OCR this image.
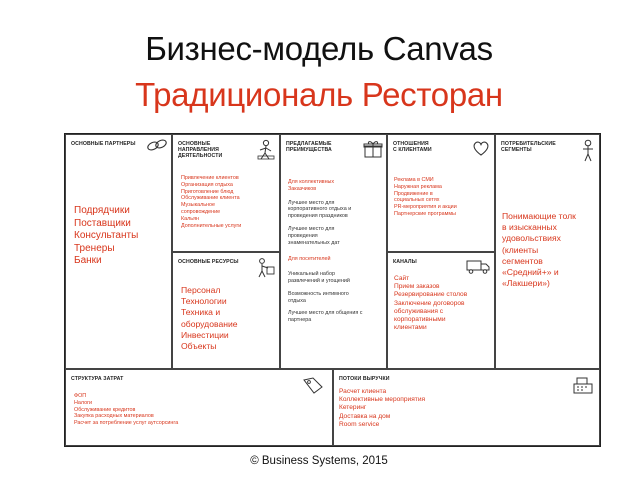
Бизнес-модель Canvas
Традициональ Ресторан
ОСНОВНЫЕ ПАРТНЕРЫ
Подрядчики
Поставщики
Консультанты
Тренеры
Банки
ОСНОВНЫЕ
НАПРАВЛЕНИЯ
ДЕЯТЕЛЬНОСТИ
Привлечение клиентов
Организация отдыха
Приготовление блюд
Обслуживание клиента
Музыкальное
сопровождение
Кальян
Дополнительные услуги
ОСНОВНЫЕ РЕСУРСЫ
Персонал
Технологии
Техника и
оборудование
Инвестиции
Объекты
ПРЕДЛАГАЕМЫЕ
ПРЕИМУЩЕСТВА
Для коллективных
Заказчиков
Лучшее место для
корпоративного отдыха и
проведения праздников
Лучшее место для
проведения
знаменательных дат
Для посетителей
Уникальный набор
развлечений и угощений
Возможность интимного
отдыха
Лучшее место для общения с
партнера
ОТНОШЕНИЯ
С КЛИЕНТАМИ
Реклама в СМИ
Наружная реклама
Продвижение в
социальных сетях
PR-мероприятия и акции
Партнерские программы
КАНАЛЫ
Сайт
Прием заказов
Резервирование столов
Заключение договоров
обслуживания с
корпоративными
клиентами
ПОТРЕБИТЕЛЬСКИЕ
СЕГМЕНТЫ
Понимающие толк
в изысканных
удовольствиях
(клиенты
сегментов
«Средний+» и
«Лакшери»)
СТРУКТУРА ЗАТРАТ
ФОП
Налоги
Обслуживание кредитов
Закупка расходных материалов
Расчет за потребление услуг аутсорсинга
ПОТОКИ ВЫРУЧКИ
Расчет клиента
Коллективные мероприятия
Кетеринг
Доставка на дом
Room service
© Business Systems, 2015
